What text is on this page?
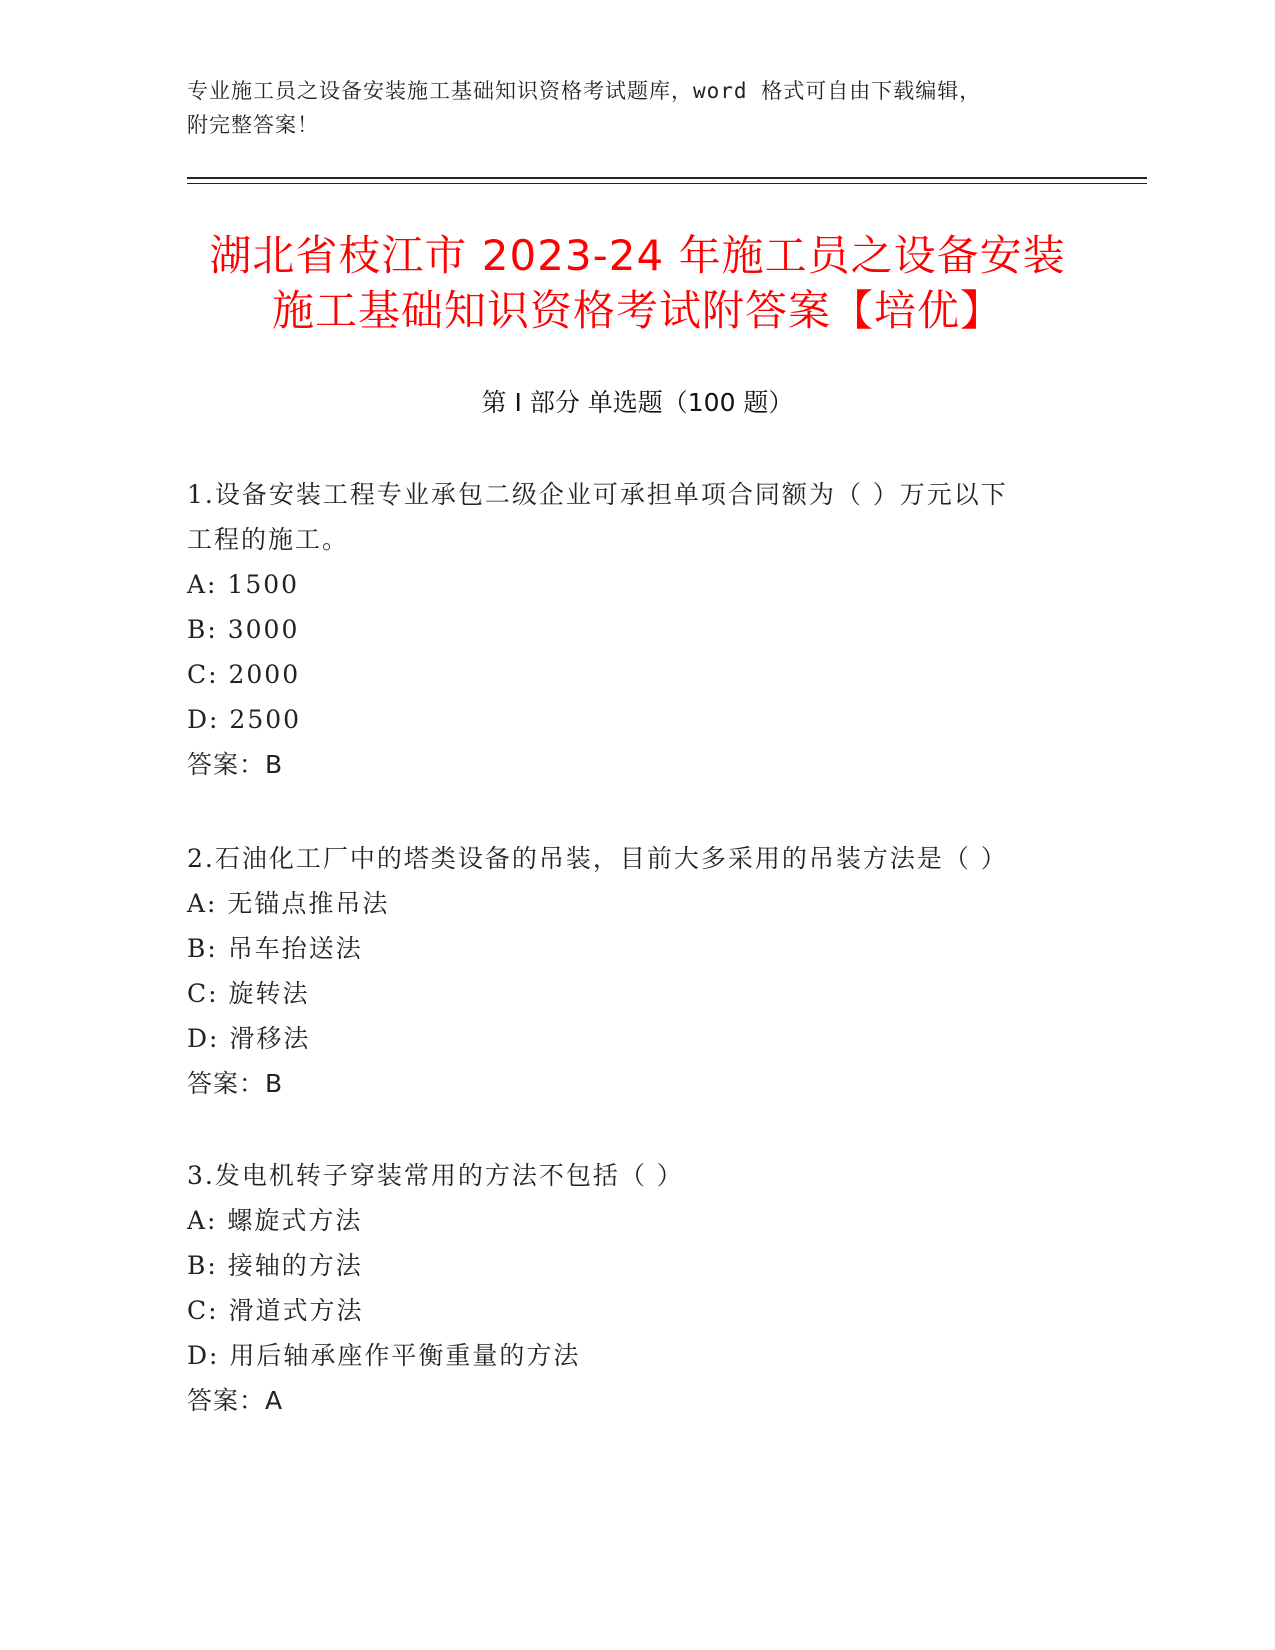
专业施工员之设备安装施工基础知识资格考试题库，word 格式可自由下载编辑，
附完整答案！
湖北省枝江市 2023-24 年施工员之设备安装
施工基础知识资格考试附答案【培优】
第 I 部分 单选题（100 题）
1.设备安装工程专业承包二级企业可承担单项合同额为（ ）万元以下
工程的施工。
A: 1500
B: 3000
C: 2000
D: 2500
答案：B
2.石油化工厂中的塔类设备的吊装，目前大多采用的吊装方法是（ ）
A: 无锚点推吊法
B: 吊车抬送法
C: 旋转法
D: 滑移法
答案：B
3.发电机转子穿装常用的方法不包括（ ）
A: 螺旋式方法
B: 接轴的方法
C: 滑道式方法
D: 用后轴承座作平衡重量的方法
答案：A
